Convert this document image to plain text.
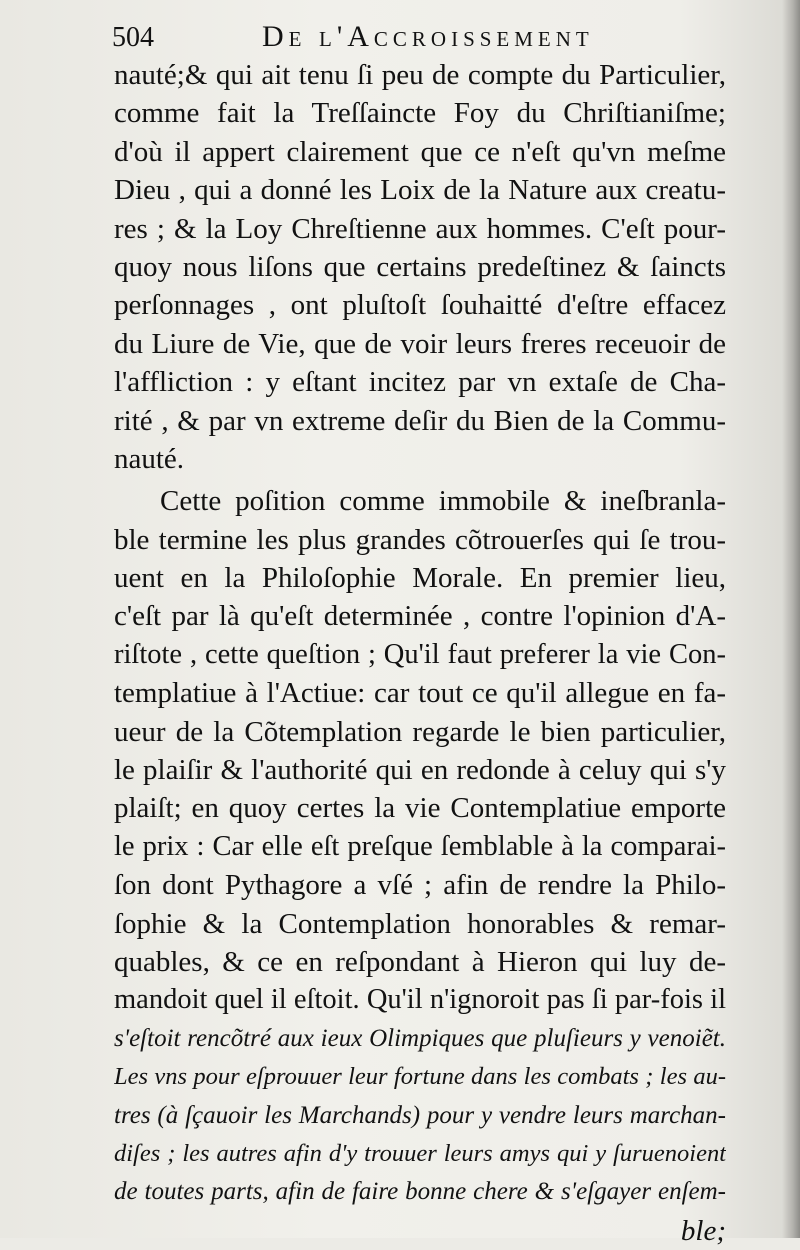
504	De l'Accroissement
nauté;& qui ait tenu ſi peu de compte du Particulier,
comme fait la Treſſaincte Foy du Chriſtianiſme;
d'où il appert clairement que ce n'eſt qu'vn meſme
Dieu , qui a donné les Loix de la Nature aux creatu-
res ; & la Loy Chreſtienne aux hommes. C'eſt pour-
quoy nous liſons que certains predeſtinez & ſaincts
perſonnages , ont pluſtoſt ſouhaitté d'eſtre effacez
du Liure de Vie, que de voir leurs freres receuoir de
l'affliction : y eſtant incitez par vn extaſe de Cha-
rité , & par vn extreme deſir du Bien de la Commu-
nauté.
Cette poſition comme immobile & ineſbranla-
ble termine les plus grandes cõtrouerſes qui ſe trou-
uent en la Philoſophie Morale. En premier lieu,
c'eſt par là qu'eſt determinée , contre l'opinion d'A-
riſtote , cette queſtion ; Qu'il faut preferer la vie Con-
templatiue à l'Actiue: car tout ce qu'il allegue en fa-
ueur de la Cõtemplation regarde le bien particulier,
le plaiſir & l'authorité qui en redonde à celuy qui s'y
plaiſt; en quoy certes la vie Contemplatiue emporte
le prix : Car elle eſt preſque ſemblable à la comparai-
ſon dont Pythagore a vſé ; afin de rendre la Philo-
ſophie & la Contemplation honorables & remar-
quables, & ce en reſpondant à Hieron qui luy de-
mandoit quel il eſtoit. Qu'il n'ignoroit pas ſi par-fois il
s'eſtoit rencõtré aux ieux Olimpiques que pluſieurs y venoiẽt.
Les vns pour eſprouuer leur fortune dans les combats ; les au-
tres (à ſçauoir les Marchands) pour y vendre leurs marchan-
diſes ; les autres afin d'y trouuer leurs amys qui y ſuruenoient
de toutes parts, afin de faire bonne chere & s'eſgayer enſem-
ble;
